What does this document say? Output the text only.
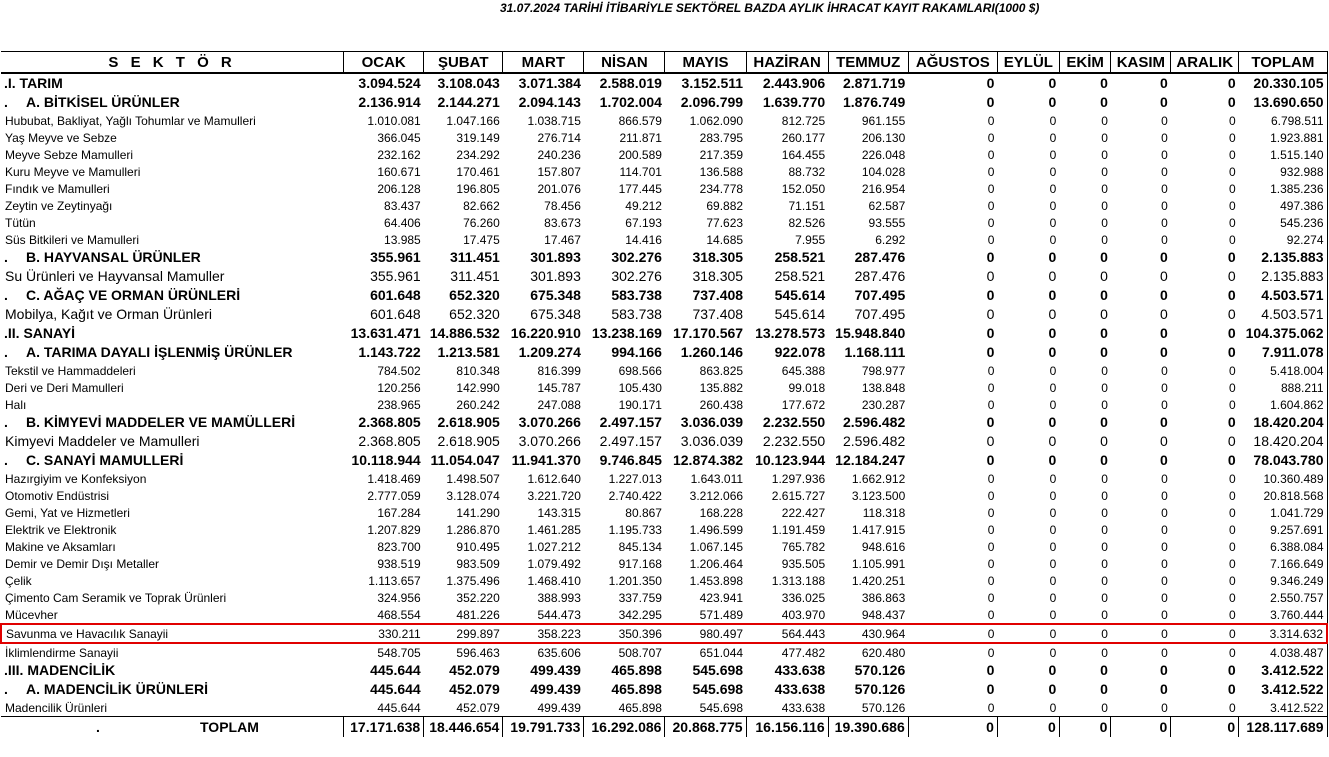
31.07.2024 TARİHİ İTİBARİYLE SEKTÖREL BAZDA AYLIK İHRACAT KAYIT RAKAMLARI(1000 $)
S E K T Ö R	OCAK	ŞUBAT	MART	NİSAN	MAYIS	HAZİRAN	TEMMUZ	AĞUSTOS	EYLÜL	EKİM	KASIM	ARALIK	TOPLAM
.I. TARIM	3.094.524	3.108.043	3.071.384	2.588.019	3.152.511	2.443.906	2.871.719	0	0	0	0	0	20.330.105
. A. BİTKİSEL ÜRÜNLER	2.136.914	2.144.271	2.094.143	1.702.004	2.096.799	1.639.770	1.876.749	0	0	0	0	0	13.690.650
Hububat, Bakliyat, Yağlı Tohumlar ve Mamulleri	1.010.081	1.047.166	1.038.715	866.579	1.062.090	812.725	961.155	0	0	0	0	0	6.798.511
Yaş Meyve ve Sebze	366.045	319.149	276.714	211.871	283.795	260.177	206.130	0	0	0	0	0	1.923.881
Meyve Sebze Mamulleri	232.162	234.292	240.236	200.589	217.359	164.455	226.048	0	0	0	0	0	1.515.140
Kuru Meyve ve Mamulleri	160.671	170.461	157.807	114.701	136.588	88.732	104.028	0	0	0	0	0	932.988
Fındık ve Mamulleri	206.128	196.805	201.076	177.445	234.778	152.050	216.954	0	0	0	0	0	1.385.236
Zeytin ve Zeytinyağı	83.437	82.662	78.456	49.212	69.882	71.151	62.587	0	0	0	0	0	497.386
Tütün	64.406	76.260	83.673	67.193	77.623	82.526	93.555	0	0	0	0	0	545.236
Süs Bitkileri ve Mamulleri	13.985	17.475	17.467	14.416	14.685	7.955	6.292	0	0	0	0	0	92.274
. B. HAYVANSAL ÜRÜNLER	355.961	311.451	301.893	302.276	318.305	258.521	287.476	0	0	0	0	0	2.135.883
Su Ürünleri ve Hayvansal Mamuller	355.961	311.451	301.893	302.276	318.305	258.521	287.476	0	0	0	0	0	2.135.883
. C. AĞAÇ VE ORMAN ÜRÜNLERİ	601.648	652.320	675.348	583.738	737.408	545.614	707.495	0	0	0	0	0	4.503.571
Mobilya, Kağıt ve Orman Ürünleri	601.648	652.320	675.348	583.738	737.408	545.614	707.495	0	0	0	0	0	4.503.571
.II. SANAYİ	13.631.471	14.886.532	16.220.910	13.238.169	17.170.567	13.278.573	15.948.840	0	0	0	0	0	104.375.062
. A. TARIMA DAYALI İŞLENMİŞ ÜRÜNLER	1.143.722	1.213.581	1.209.274	994.166	1.260.146	922.078	1.168.111	0	0	0	0	0	7.911.078
Tekstil ve Hammaddeleri	784.502	810.348	816.399	698.566	863.825	645.388	798.977	0	0	0	0	0	5.418.004
Deri ve Deri Mamulleri	120.256	142.990	145.787	105.430	135.882	99.018	138.848	0	0	0	0	0	888.211
Halı	238.965	260.242	247.088	190.171	260.438	177.672	230.287	0	0	0	0	0	1.604.862
. B. KİMYEVİ MADDELER VE MAMÜLLERİ	2.368.805	2.618.905	3.070.266	2.497.157	3.036.039	2.232.550	2.596.482	0	0	0	0	0	18.420.204
Kimyevi Maddeler ve Mamulleri	2.368.805	2.618.905	3.070.266	2.497.157	3.036.039	2.232.550	2.596.482	0	0	0	0	0	18.420.204
. C. SANAYİ MAMULLERİ	10.118.944	11.054.047	11.941.370	9.746.845	12.874.382	10.123.944	12.184.247	0	0	0	0	0	78.043.780
Hazırgiyim ve Konfeksiyon	1.418.469	1.498.507	1.612.640	1.227.013	1.643.011	1.297.936	1.662.912	0	0	0	0	0	10.360.489
Otomotiv Endüstrisi	2.777.059	3.128.074	3.221.720	2.740.422	3.212.066	2.615.727	3.123.500	0	0	0	0	0	20.818.568
Gemi, Yat ve Hizmetleri	167.284	141.290	143.315	80.867	168.228	222.427	118.318	0	0	0	0	0	1.041.729
Elektrik ve Elektronik	1.207.829	1.286.870	1.461.285	1.195.733	1.496.599	1.191.459	1.417.915	0	0	0	0	0	9.257.691
Makine ve Aksamları	823.700	910.495	1.027.212	845.134	1.067.145	765.782	948.616	0	0	0	0	0	6.388.084
Demir ve Demir Dışı Metaller	938.519	983.509	1.079.492	917.168	1.206.464	935.505	1.105.991	0	0	0	0	0	7.166.649
Çelik	1.113.657	1.375.496	1.468.410	1.201.350	1.453.898	1.313.188	1.420.251	0	0	0	0	0	9.346.249
Çimento Cam Seramik ve Toprak Ürünleri	324.956	352.220	388.993	337.759	423.941	336.025	386.863	0	0	0	0	0	2.550.757
Mücevher	468.554	481.226	544.473	342.295	571.489	403.970	948.437	0	0	0	0	0	3.760.444
Savunma ve Havacılık Sanayii	330.211	299.897	358.223	350.396	980.497	564.443	430.964	0	0	0	0	0	3.314.632
İklimlendirme Sanayii	548.705	596.463	635.606	508.707	651.044	477.482	620.480	0	0	0	0	0	4.038.487
.III. MADENCİLİK	445.644	452.079	499.439	465.898	545.698	433.638	570.126	0	0	0	0	0	3.412.522
. A. MADENCİLİK ÜRÜNLERİ	445.644	452.079	499.439	465.898	545.698	433.638	570.126	0	0	0	0	0	3.412.522
Madencilik Ürünleri	445.644	452.079	499.439	465.898	545.698	433.638	570.126	0	0	0	0	0	3.412.522
. TOPLAM	17.171.638	18.446.654	19.791.733	16.292.086	20.868.775	16.156.116	19.390.686	0	0	0	0	0	128.117.689
